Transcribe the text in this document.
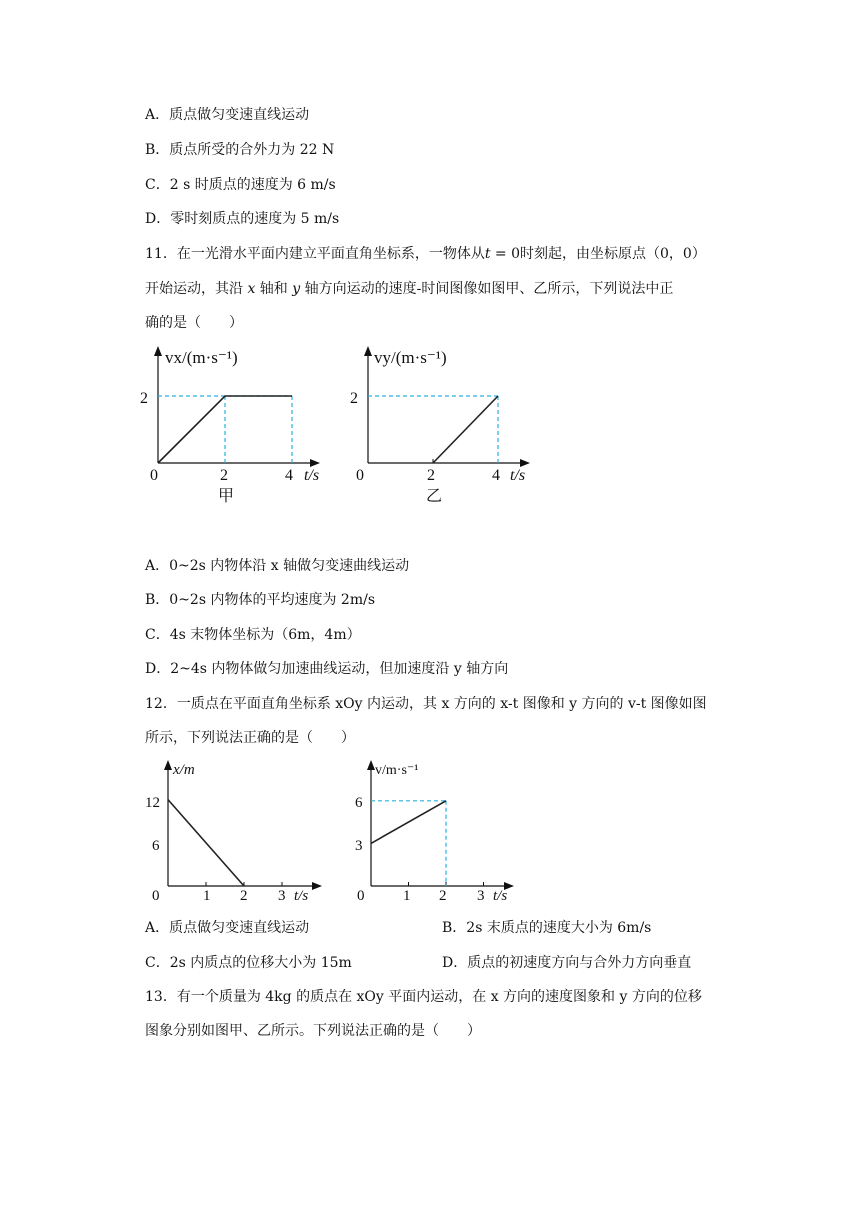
A．质点做匀变速直线运动
B．质点所受的合外力为 22 N
C．2 s 时质点的速度为 6 m/s
D．零时刻质点的速度为 5 m/s
11．在一光滑水平面内建立平面直角坐标系，一物体从t = 0时刻起，由坐标原点（0，0）
开始运动，其沿 x 轴和 y 轴方向运动的速度-时间图像如图甲、乙所示，下列说法中正
确的是（　　）
vx/(m·s⁻¹)
2
0	2	4 t/s
甲
vy/(m·s⁻¹)
2
0	2	4 t/s
乙
A．0~2s 内物体沿 x 轴做匀变速曲线运动
B．0~2s 内物体的平均速度为 2m/s
C．4s 末物体坐标为（6m，4m）
D．2~4s 内物体做匀加速曲线运动，但加速度沿 y 轴方向
12．一质点在平面直角坐标系 xOy 内运动，其 x 方向的 x-t 图像和 y 方向的 v-t 图像如图
所示，下列说法正确的是（　　）
x/m
12
6
0	1 2 3 t/s
v/m·s⁻¹
6
3
0	1 2 3 t/s
A．质点做匀变速直线运动	B．2s 末质点的速度大小为 6m/s
C．2s 内质点的位移大小为 15m	D．质点的初速度方向与合外力方向垂直
13．有一个质量为 4kg 的质点在 xOy 平面内运动，在 x 方向的速度图象和 y 方向的位移
图象分别如图甲、乙所示。下列说法正确的是（　　）
